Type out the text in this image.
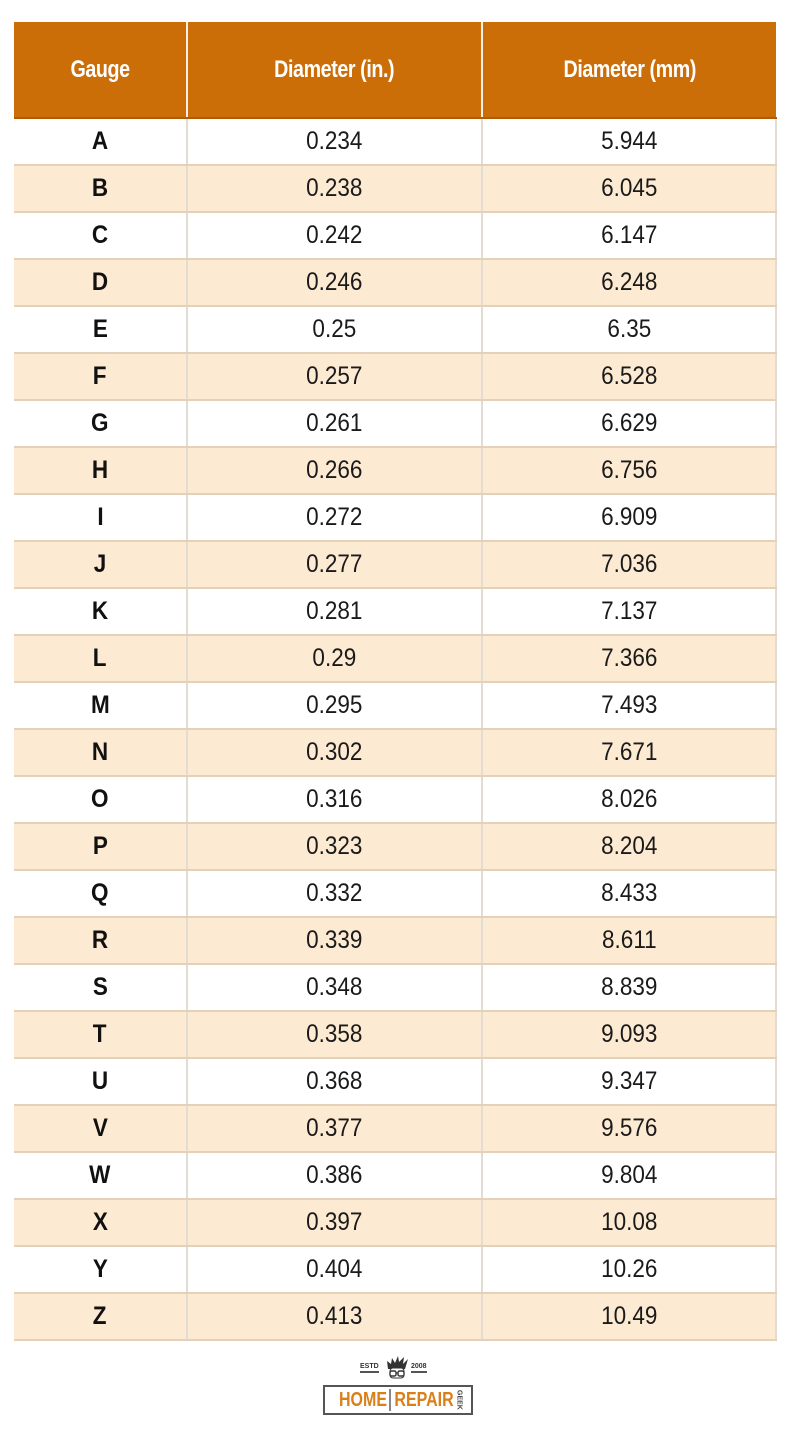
Gauge	Diameter (in.)	Diameter (mm)
A	0.234	5.944
B	0.238	6.045
C	0.242	6.147
D	0.246	6.248
E	0.25	6.35
F	0.257	6.528
G	0.261	6.629
H	0.266	6.756
I	0.272	6.909
J	0.277	7.036
K	0.281	7.137
L	0.29	7.366
M	0.295	7.493
N	0.302	7.671
O	0.316	8.026
P	0.323	8.204
Q	0.332	8.433
R	0.339	8.611
S	0.348	8.839
T	0.358	9.093
U	0.368	9.347
V	0.377	9.576
W	0.386	9.804
X	0.397	10.08
Y	0.404	10.26
Z	0.413	10.49
ESTD	2008
HOME REPAIR GEEK
